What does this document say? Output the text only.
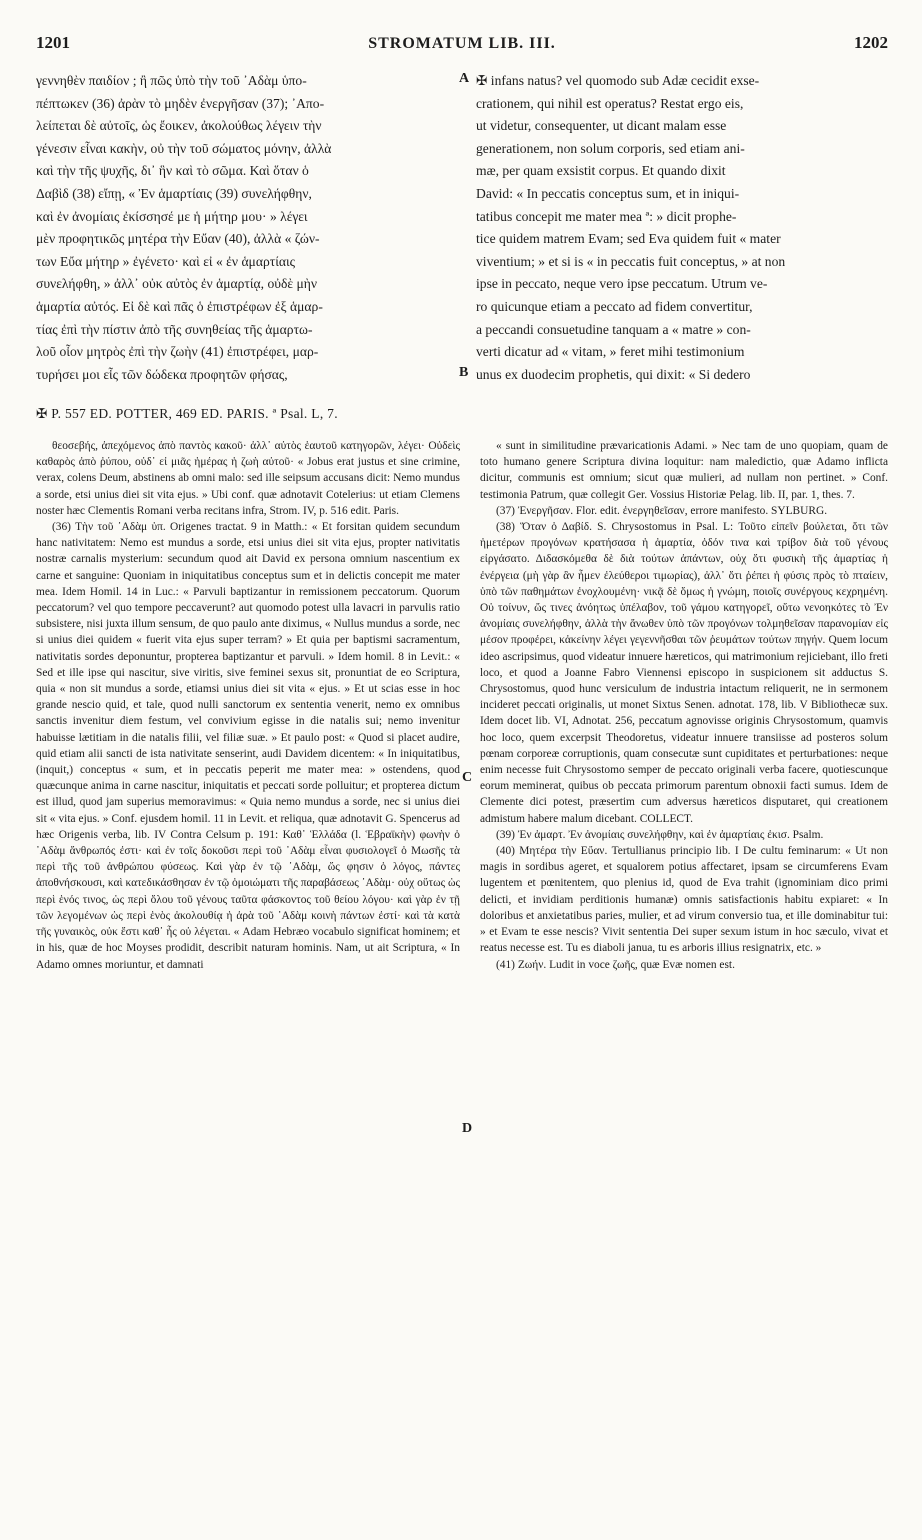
1201	STROMATUM LIB. III.	1202
γεννηθὲν παιδίον ; ἢ πῶς ὑπὸ τὴν τοῦ ᾿Αδὰμ ὑπο-
πέπτωκεν (36) ἀρὰν τὸ μηδὲν ἐνεργῆσαν (37); ᾿Απο-
λείπεται δὲ αὐτοῖς, ὡς ἔοικεν, ἀκολούθως λέγειν τὴν
γένεσιν εἶναι κακὴν, οὐ τὴν τοῦ σώματος μόνην, ἀλλὰ
καὶ τὴν τῆς ψυχῆς, δι᾿ ἣν καὶ τὸ σῶμα. Καὶ ὅταν ὁ
Δαβὶδ (38) εἴπῃ, « Ἐν ἁμαρτίαις (39) συνελήφθην,
καὶ ἐν ἀνομίαις ἐκίσσησέ με ἡ μήτηρ μου· » λέγει
μὲν προφητικῶς μητέρα τὴν Εὔαν (40), ἀλλὰ « ζών-
των Εὔα μήτηρ » ἐγένετο· καὶ εἰ « ἐν ἁμαρτίαις
συνελήφθη, » ἀλλ᾿ οὐκ αὐτὸς ἐν ἁμαρτίᾳ, οὐδὲ μὴν
ἁμαρτία αὐτός. Εἰ δὲ καὶ πᾶς ὁ ἐπιστρέφων ἐξ ἁμαρ-
τίας ἐπὶ τὴν πίστιν ἀπὸ τῆς συνηθείας τῆς ἁμαρτω-
λοῦ οἷον μητρὸς ἐπὶ τὴν ζωὴν (41) ἐπιστρέφει, μαρ-
τυρήσει μοι εἷς τῶν δώδεκα προφητῶν φήσας,
✠ infans natus? vel quomodo sub Adæ cecidit exse-
crationem, qui nihil est operatus? Restat ergo eis,
ut videtur, consequenter, ut dicant malam esse
generationem, non solum corporis, sed etiam ani-
mæ, per quam exsistit corpus. Et quando dixit
David: « In peccatis conceptus sum, et in iniqui-
tatibus concepit me mater mea ª: » dicit prophe-
tice quidem matrem Evam; sed Eva quidem fuit « mater
viventium; » et si is « in peccatis fuit conceptus, » at non
ipse in peccato, neque vero ipse peccatum. Utrum ve-
ro quicunque etiam a peccato ad fidem convertitur,
a peccandi consuetudine tanquam a « matre » con-
verti dicatur ad « vitam, » feret mihi testimonium
unus ex duodecim prophetis, qui dixit: « Si dedero
A
B
C
D
✠ P. 557 ED. POTTER, 469 ED. PARIS. ª Psal. L, 7.

θεοσεβής, ἀπεχόμενος ἀπὸ παντὸς κακοῦ· ἀλλ᾿ αὐτὸς ἑαυτοῦ κατηγορῶν, λέγει· Οὐδεὶς καθαρὸς ἀπὸ ῥύπου, οὐδ᾿ εἰ μιᾶς ἡμέρας ἡ ζωὴ αὐτοῦ· « Jobus erat justus et sine crimine, verax, colens Deum, abstinens ab omni malo: sed ille seipsum accusans dicit: Nemo mundus a sorde, etsi unius diei sit vita ejus. » Ubi conf. quæ adnotavit Cotelerius: ut etiam Clemens noster hæc Clementis Romani verba recitans infra, Strom. IV, p. 516 edit. Paris.

(36) Τὴν τοῦ ᾿Αδὰμ ὑπ. Origenes tractat. 9 in Matth.: « Et forsitan quidem secundum hanc nativitatem: Nemo est mundus a sorde, etsi unius diei sit vita ejus, propter nativitatis nostræ carnalis mysterium: secundum quod ait David ex persona omnium nascentium ex carne et sanguine: Quoniam in iniquitatibus conceptus sum et in delictis concepit me mater mea. Idem Homil. 14 in Luc.: « Parvuli baptizantur in remissionem peccatorum. Quorum peccatorum? vel quo tempore peccaverunt? aut quomodo potest ulla lavacri in parvulis ratio subsistere, nisi juxta illum sensum, de quo paulo ante diximus, « Nullus mundus a sorde, nec si unius diei quidem « fuerit vita ejus super terram? » Et quia per baptismi sacramentum, nativitatis sordes deponuntur, propterea baptizantur et parvuli. » Idem homil. 8 in Levit.: « Sed et ille ipse qui nascitur, sive viritis, sive feminei sexus sit, pronuntiat de eo Scriptura, quia « non sit mundus a sorde, etiamsi unius diei sit vita « ejus. » Et ut scias esse in hoc grande nescio quid, et tale, quod nulli sanctorum ex sententia venerit, nemo ex omnibus sanctis invenitur diem festum, vel convivium egisse in die natalis sui; nemo invenitur habuisse lætitiam in die natalis filii, vel filiæ suæ. » Et paulo post: « Quod si placet audire, quid etiam alii sancti de ista nativitate senserint, audi Davidem dicentem: « In iniquitatibus, (inquit,) conceptus « sum, et in peccatis peperit me mater mea: » ostendens, quod quæcunque anima in carne nascitur, iniquitatis et peccati sorde polluitur; et propterea dictum est illud, quod jam superius memoravimus: « Quia nemo mundus a sorde, nec si unius diei sit « vita ejus. » Conf. ejusdem homil. 11 in Levit. et reliqua, quæ adnotavit G. Spencerus ad hæc Origenis verba, lib. IV Contra Celsum p. 191: Καθ᾿ Ἑλλάδα (l. Ἑβραϊκὴν) φωνὴν ὁ ᾿Αδὰμ ἄνθρωπός ἐστι· καὶ ἐν τοῖς δοκοῦσι περὶ τοῦ ᾿Αδὰμ εἶναι φυσιολογεῖ ὁ Μωσῆς τὰ περὶ τῆς τοῦ ἀνθρώπου φύσεως. Καὶ γὰρ ἐν τῷ ᾿Αδὰμ, ὥς φησιν ὁ λόγος, πάντες ἀποθνήσκουσι, καὶ κατεδικάσθησαν ἐν τῷ ὁμοιώματι τῆς παραβάσεως ᾿Αδὰμ· οὐχ οὕτως ὡς περὶ ἑνός τινος, ὡς περὶ ὅλου τοῦ γένους ταῦτα φάσκοντος τοῦ θείου λόγου· καὶ γὰρ ἐν τῇ τῶν λεγομένων ὡς περὶ ἑνὸς ἀκολουθίᾳ ἡ ἀρὰ τοῦ ᾿Αδὰμ κοινὴ πάντων ἐστί· καὶ τὰ κατὰ τῆς γυναικὸς, οὐκ ἔστι καθ᾿ ἧς οὐ λέγεται. « Adam Hebræo vocabulo significat hominem; et in his, quæ de hoc Moyses prodidit, describit naturam hominis. Nam, ut ait Scriptura, « In Adamo omnes moriuntur, et damnati

« sunt in similitudine prævaricationis Adami. » Nec tam de uno quopiam, quam de toto humano genere Scriptura divina loquitur: nam maledictio, quæ Adamo inflicta dicitur, communis est omnium; sicut quæ mulieri, ad nullam non pertinet. » Conf. testimonia Patrum, quæ collegit Ger. Vossius Historiæ Pelag. lib. II, par. 1, thes. 7.

(37) Ἐνεργῆσαν. Flor. edit. ἐνεργηθεῖσαν, errore manifesto. SYLBURG.

(38) Ὅταν ὁ Δαβίδ. S. Chrysostomus in Psal. L: Τοῦτο εἰπεῖν βούλεται, ὅτι τῶν ἡμετέρων προγόνων κρατήσασα ἡ ἁμαρτία, ὁδόν τινα καὶ τρίβον διὰ τοῦ γένους εἰργάσατο. Διδασκόμεθα δὲ διὰ τούτων ἀπάντων, οὐχ ὅτι φυσικὴ τῆς ἁμαρτίας ἡ ἐνέργεια (μὴ γὰρ ἂν ἦμεν ἐλεύθεροι τιμωρίας), ἀλλ᾿ ὅτι ῥέπει ἡ φύσις πρὸς τὸ πταίειν, ὑπὸ τῶν παθημάτων ἐνοχλουμένη· νικᾷ δὲ ὅμως ἡ γνώμη, ποιοῖς συνέργους κεχρημένη. Οὐ τοίνυν, ὥς τινες ἀνόητως ὑπέλαβον, τοῦ γάμου κατηγορεῖ, οὕτω νενοηκότες τὸ Ἐν ἀνομίαις συνελήφθην, ἀλλὰ τὴν ἄνωθεν ὑπὸ τῶν προγόνων τολμηθεῖσαν παρανομίαν εἰς μέσον προφέρει, κἀκείνην λέγει γεγεννῆσθαι τῶν ῥευμάτων τούτων πηγήν. Quem locum ideo ascripsimus, quod videatur innuere hæreticos, qui matrimonium rejiciebant, illo freti loco, et quod a Joanne Fabro Viennensi episcopo in suspicionem sit adductus S. Chrysostomus, quod hunc versiculum de industria intactum reliquerit, ne in sermonem incideret peccati originalis, ut monet Sixtus Senen. adnotat. 178, lib. V Bibliothecæ sux. Idem docet lib. VI, Adnotat. 256, peccatum agnovisse originis Chrysostomum, quamvis hoc loco, quem excerpsit Theodoretus, videatur innuere transiisse ad posteros solum pœnam corporeæ corruptionis, quam consecutæ sunt cupiditates et perturbationes: neque enim necesse fuit Chrysostomo semper de peccato originali verba facere, quotiescunque eorum meminerat, quibus ob peccata primorum parentum obnoxii facti sumus. Idem de Clemente dici potest, præsertim cum adversus hæreticos disputaret, qui creationem admistum habere malum dicebant. COLLECT.

(39) Ἐν ἁμαρτ. Ἐν ἀνομίαις συνελήφθην, καὶ ἐν ἁμαρτίαις ἐκισ. Psalm.

(40) Μητέρα τὴν Εὔαν. Tertullianus principio lib. I De cultu feminarum: « Ut non magis in sordibus ageret, et squalorem potius affectaret, ipsam se circumferens Evam lugentem et pœnitentem, quo plenius id, quod de Eva trahit (ignominiam dico primi delicti, et invidiam perditionis humanæ) omnis satisfactionis habitu expiaret: « In doloribus et anxietatibus paries, mulier, et ad virum conversio tua, et ille dominabitur tui: » et Evam te esse nescis? Vivit sententia Dei super sexum istum in hoc sæculo, vivat et reatus necesse est. Tu es diaboli janua, tu es arboris illius resignatrix, etc. »

(41) Ζωήν. Ludit in voce ζωῆς, quæ Evæ nomen est.
